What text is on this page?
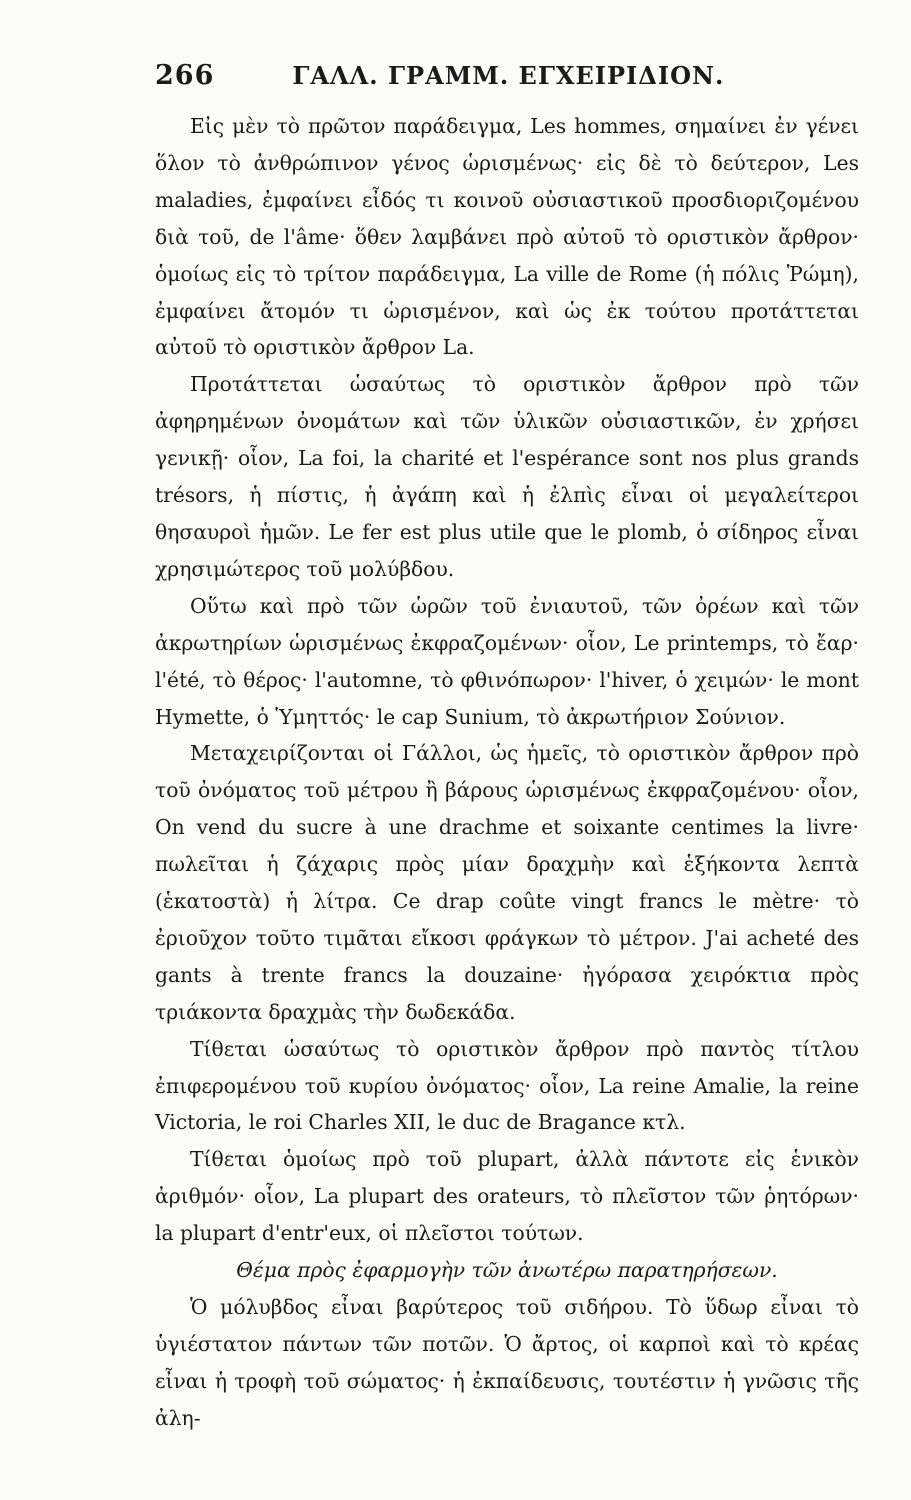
266	ΓΑΛΛ. ΓΡΑΜΜ. ΕΓΧΕΙΡΙΔΙΟΝ.

Εἰς μὲν τὸ πρῶτον παράδειγμα, Les hommes, σημαίνει ἐν γένει ὅλον τὸ ἀνθρώπινον γένος ὡρισμένως· εἰς δὲ τὸ δεύτερον, Les maladies, ἐμφαίνει εἶδός τι κοινοῦ οὐσιαστικοῦ προσδιοριζομένου διὰ τοῦ, de l'âme· ὅθεν λαμβάνει πρὸ αὐτοῦ τὸ οριστικὸν ἄρθρον· ὁμοίως εἰς τὸ τρίτον παράδειγμα, La ville de Rome (ἡ πόλις Ῥώμη), ἐμφαίνει ἄτομόν τι ὡρισμένον, καὶ ὡς ἐκ τούτου προτάττεται αὐτοῦ τὸ οριστικὸν ἄρθρον La.

Προτάττεται ὡσαύτως τὸ οριστικὸν ἄρθρον πρὸ τῶν ἀφηρημένων ὀνομάτων καὶ τῶν ὑλικῶν οὐσιαστικῶν, ἐν χρήσει γενικῇ· οἷον, La foi, la charité et l'espérance sont nos plus grands trésors, ἡ πίστις, ἡ ἀγάπη καὶ ἡ ἐλπὶς εἶναι οἱ μεγαλείτεροι θησαυροὶ ἡμῶν. Le fer est plus utile que le plomb, ὁ σίδηρος εἶναι χρησιμώτερος τοῦ μολύβδου.

Οὕτω καὶ πρὸ τῶν ὡρῶν τοῦ ἐνιαυτοῦ, τῶν ὀρέων καὶ τῶν ἀκρωτηρίων ὡρισμένως ἐκφραζομένων· οἷον, Le printemps, τὸ ἔαρ· l'été, τὸ θέρος· l'automne, τὸ φθινόπωρον· l'hiver, ὁ χειμών· le mont Hymette, ὁ Ὑμηττός· le cap Sunium, τὸ ἀκρωτήριον Σούνιον.

Μεταχειρίζονται οἱ Γάλλοι, ὡς ἡμεῖς, τὸ οριστικὸν ἄρθρον πρὸ τοῦ ὀνόματος τοῦ μέτρου ἢ βάρους ὡρισμένως ἐκφραζομένου· οἷον, On vend du sucre à une drachme et soixante centimes la livre· πωλεῖται ἡ ζάχαρις πρὸς μίαν δραχμὴν καὶ ἑξήκοντα λεπτὰ (ἑκατοστὰ) ἡ λίτρα. Ce drap coûte vingt francs le mètre· τὸ ἐριοῦχον τοῦτο τιμᾶται εἴκοσι φράγκων τὸ μέτρον. J'ai acheté des gants à trente francs la douzaine· ἠγόρασα χειρόκτια πρὸς τριάκοντα δραχμὰς τὴν δωδεκάδα.

Τίθεται ὡσαύτως τὸ οριστικὸν ἄρθρον πρὸ παντὸς τίτλου ἐπιφερομένου τοῦ κυρίου ὀνόματος· οἷον, La reine Amalie, la reine Victoria, le roi Charles XII, le duc de Bragance κτλ.

Τίθεται ὁμοίως πρὸ τοῦ plupart, ἀλλὰ πάντοτε εἰς ἑνικὸν ἀριθμόν· οἷον, La plupart des orateurs, τὸ πλεῖστον τῶν ῥητόρων· la plupart d'entr'eux, οἱ πλεῖστοι τούτων.

Θέμα πρὸς ἐφαρμογὴν τῶν ἀνωτέρω παρατηρήσεων.

Ὁ μόλυβδος εἶναι βαρύτερος τοῦ σιδήρου. Τὸ ὕδωρ εἶναι τὸ ὑγιέστατον πάντων τῶν ποτῶν. Ὁ ἄρτος, οἱ καρποὶ καὶ τὸ κρέας εἶναι ἡ τροφὴ τοῦ σώματος· ἡ ἐκπαίδευσις, τουτέστιν ἡ γνῶσις τῆς ἀλη-
